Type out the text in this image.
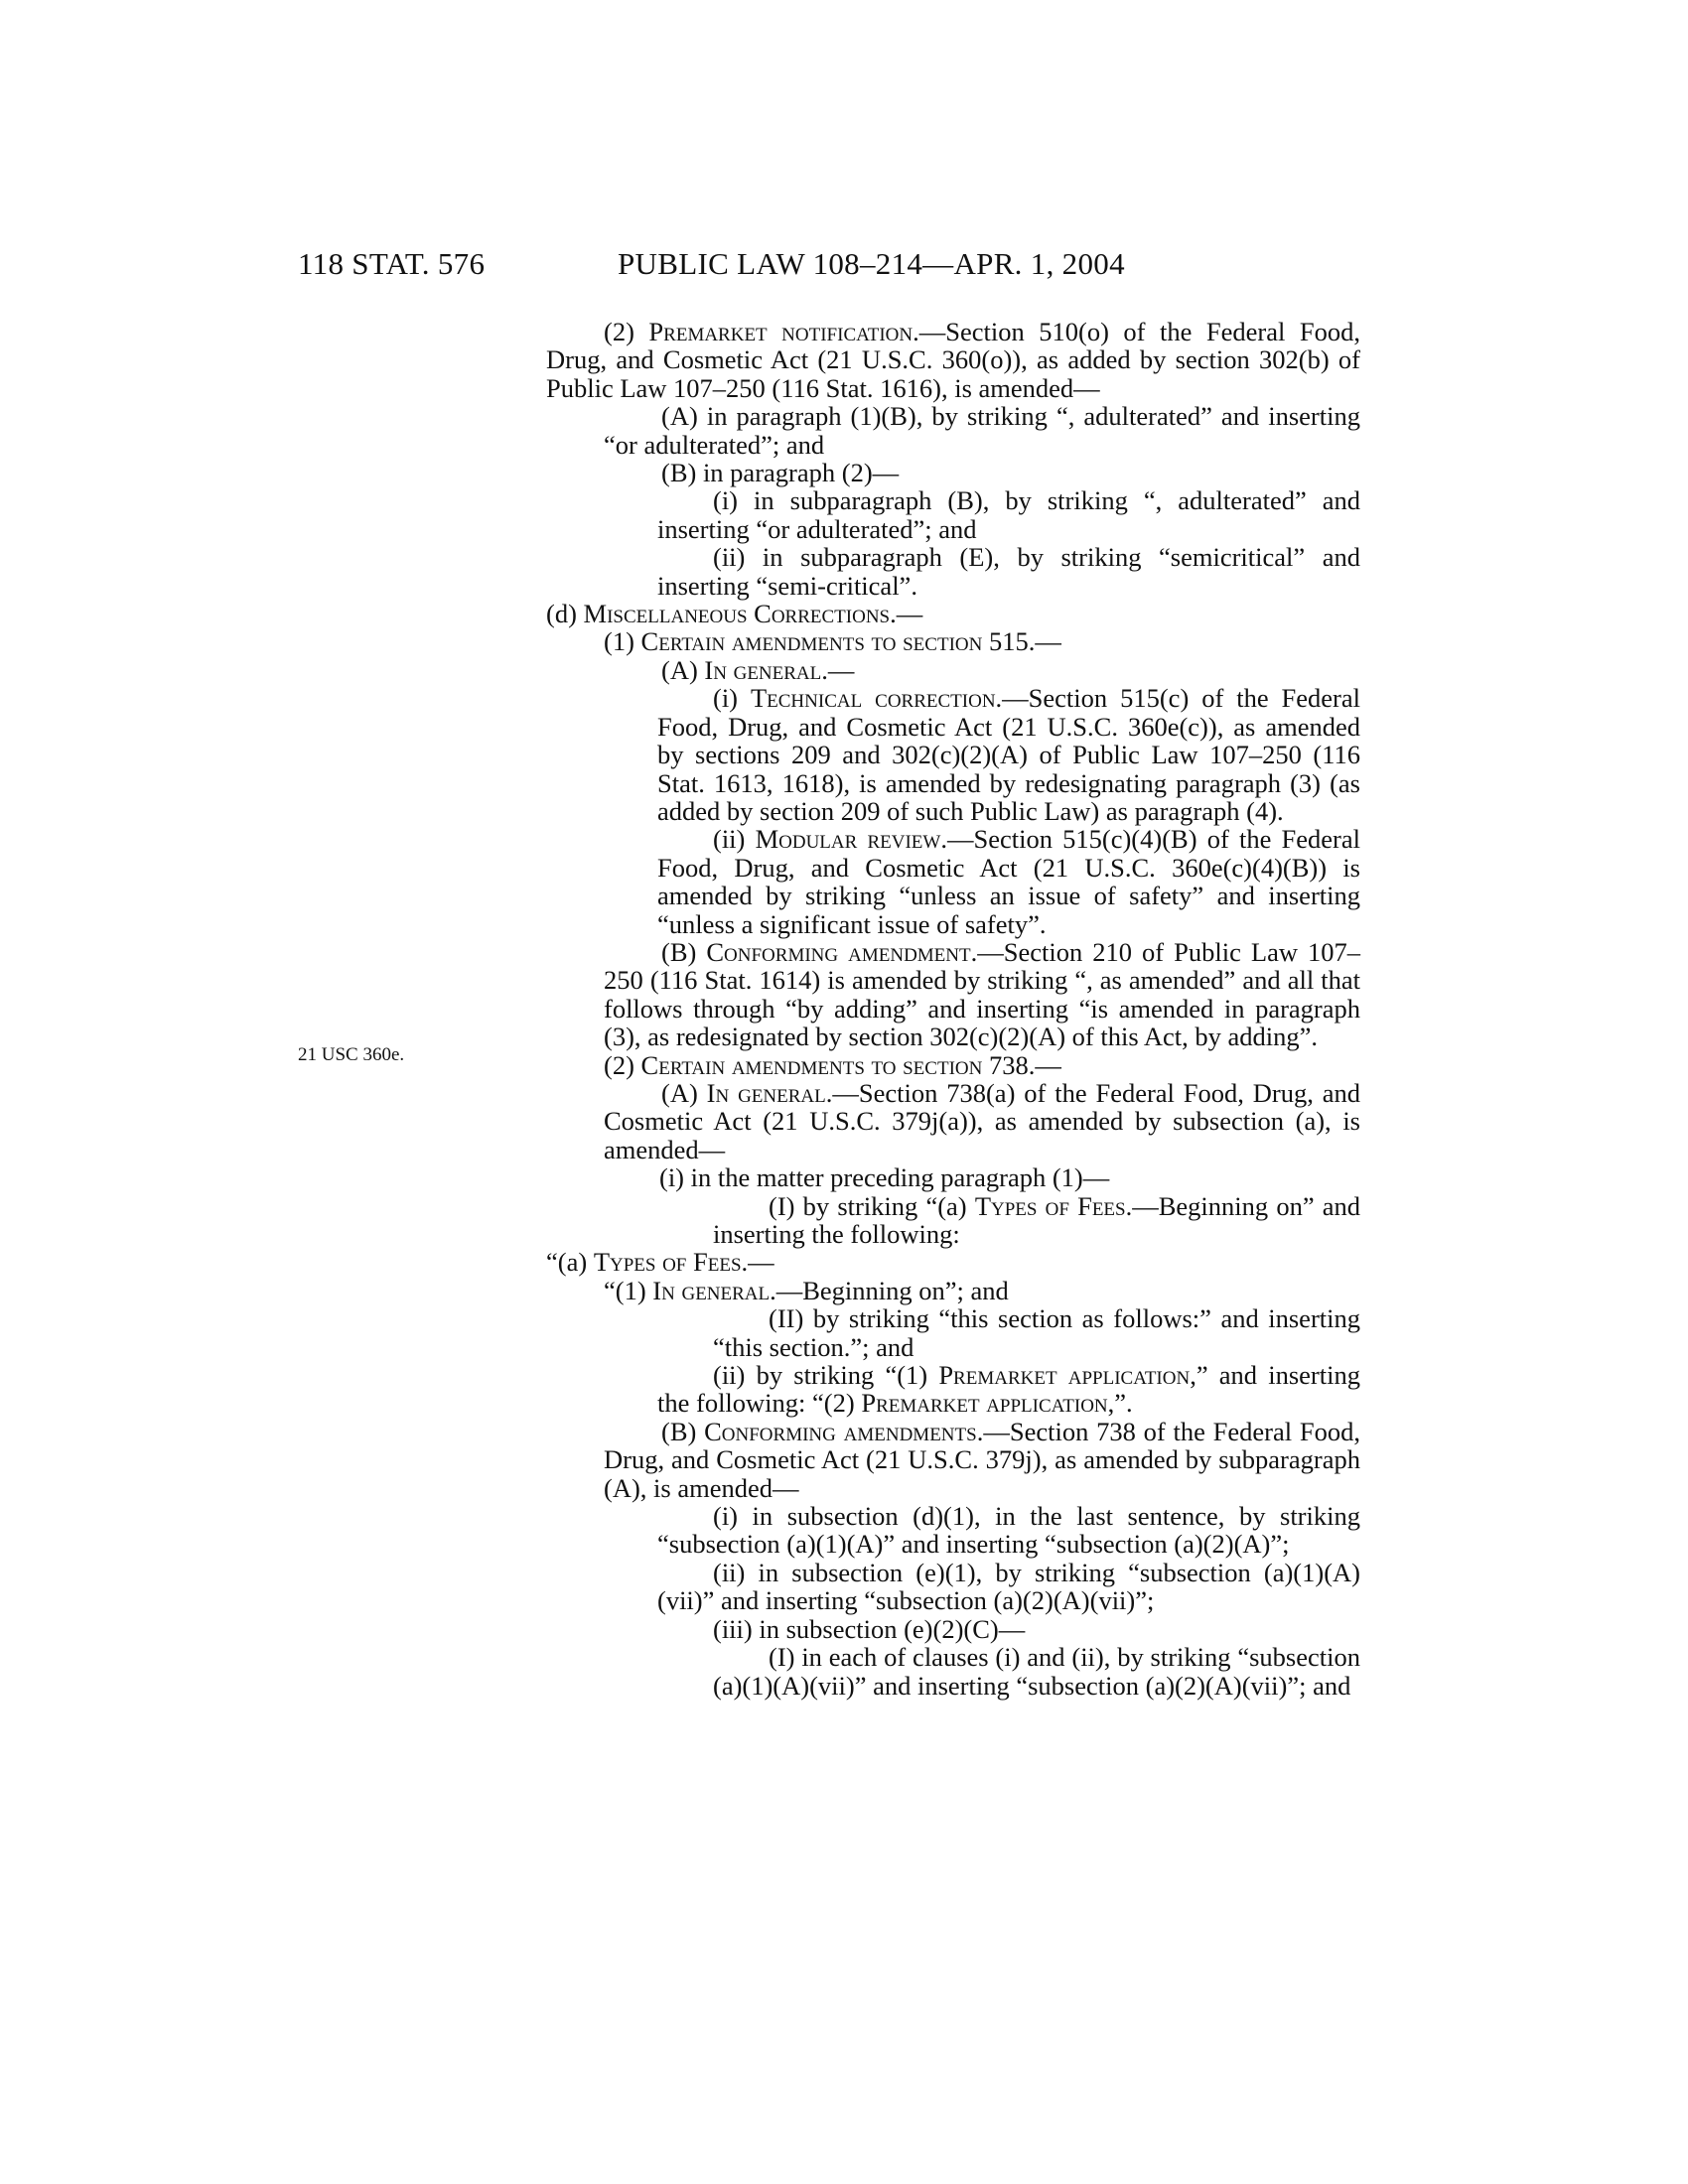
118 STAT. 576	PUBLIC LAW 108–214—APR. 1, 2004
21 USC 360e.

(2) Premarket notification.—Section 510(o) of the Federal Food, Drug, and Cosmetic Act (21 U.S.C. 360(o)), as added by section 302(b) of Public Law 107–250 (116 Stat. 1616), is amended—

(A) in paragraph (1)(B), by striking “, adulterated” and inserting “or adulterated”; and

(B) in paragraph (2)—

(i) in subparagraph (B), by striking “, adulterated” and inserting “or adulterated”; and

(ii) in subparagraph (E), by striking “semicritical” and inserting “semi-critical”.

(d) Miscellaneous Corrections.—

(1) Certain amendments to section 515.—

(A) In general.—

(i) Technical correction.—Section 515(c) of the Federal Food, Drug, and Cosmetic Act (21 U.S.C. 360e(c)), as amended by sections 209 and 302(c)(2)(A) of Public Law 107–250 (116 Stat. 1613, 1618), is amended by redesignating paragraph (3) (as added by section 209 of such Public Law) as paragraph (4).

(ii) Modular review.—Section 515(c)(4)(B) of the Federal Food, Drug, and Cosmetic Act (21 U.S.C. 360e(c)(4)(B)) is amended by striking “unless an issue of safety” and inserting “unless a significant issue of safety”.

(B) Conforming amendment.—Section 210 of Public Law 107–250 (116 Stat. 1614) is amended by striking “, as amended” and all that follows through “by adding” and inserting “is amended in paragraph (3), as redesignated by section 302(c)(2)(A) of this Act, by adding”.

(2) Certain amendments to section 738.—

(A) In general.—Section 738(a) of the Federal Food, Drug, and Cosmetic Act (21 U.S.C. 379j(a)), as amended by subsection (a), is amended—

(i) in the matter preceding paragraph (1)—

(I) by striking “(a) Types of Fees.—Beginning on” and inserting the following:

“(a) Types of Fees.—

“(1) In general.—Beginning on”; and

(II) by striking “this section as follows:” and inserting “this section.”; and

(ii) by striking “(1) Premarket application,” and inserting the following: “(2) Premarket application,”.

(B) Conforming amendments.—Section 738 of the Federal Food, Drug, and Cosmetic Act (21 U.S.C. 379j), as amended by subparagraph (A), is amended—

(i) in subsection (d)(1), in the last sentence, by striking “subsection (a)(1)(A)” and inserting “subsection (a)(2)(A)”;

(ii) in subsection (e)(1), by striking “subsection (a)(1)(A)(vii)” and inserting “subsection (a)(2)(A)(vii)”;

(iii) in subsection (e)(2)(C)—

(I) in each of clauses (i) and (ii), by striking “subsection (a)(1)(A)(vii)” and inserting “subsection (a)(2)(A)(vii)”; and
